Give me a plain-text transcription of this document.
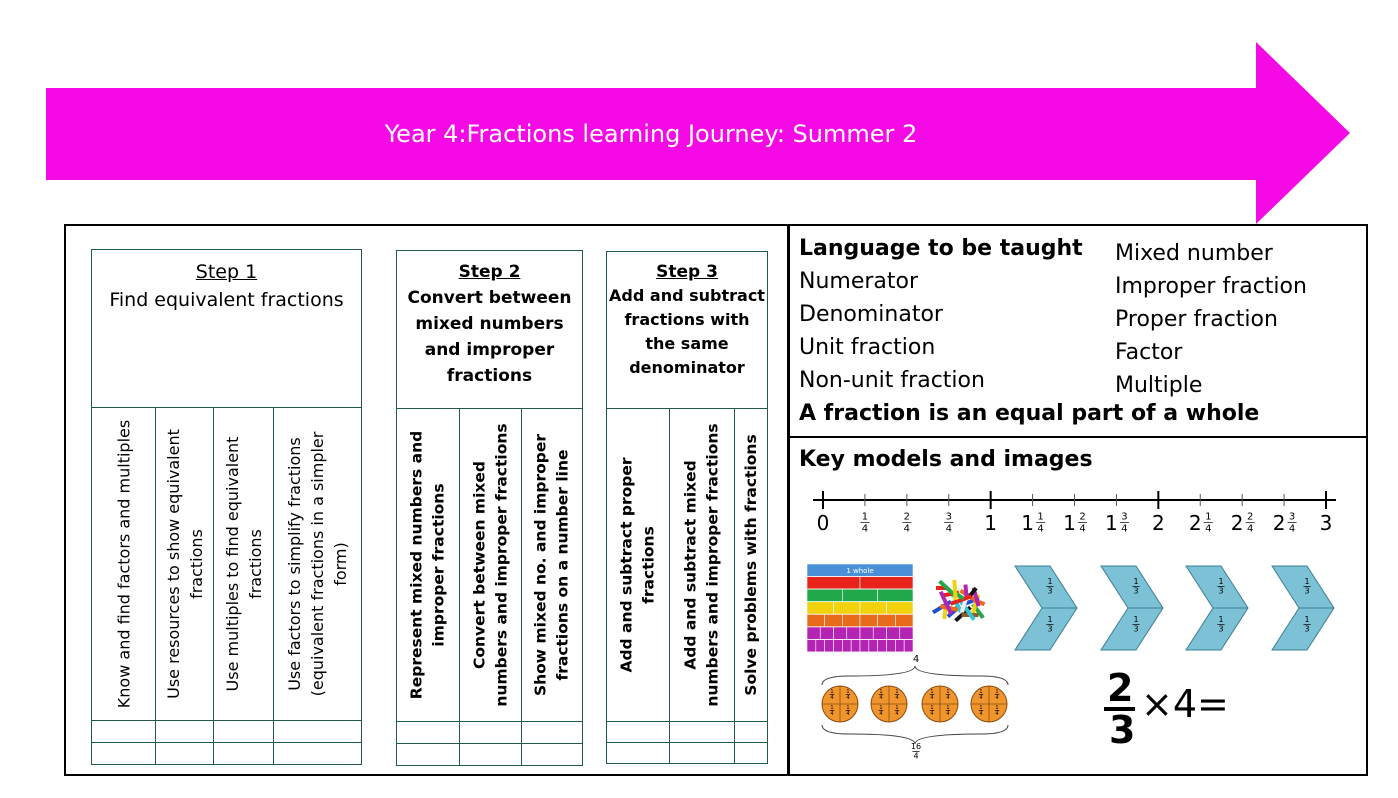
Year 4:Fractions learning Journey: Summer 2
Step 1
Find equivalent fractions
Know and find factors and multiples Use resources to show equivalent fractions Use multiples to find equivalent fractions Use factors to simplify fractions (equivalent fractions in a simpler form)
Step 2
Convert between mixed numbers and improper fractions
Represent mixed numbers and improper fractions Convert between mixed numbers and improper fractions Show mixed no. and improper fractions on a number line
Step 3
Add and subtract fractions with the same denominator
Add and subtract proper fractions Add and subtract mixed numbers and improper fractions Solve problems with fractions
Language to be taught
Numerator
Denominator
Unit fraction
Non-unit fraction
A fraction is an equal part of a whole
Mixed number
Improper fraction
Proper fraction
Factor
Multiple
Key models and images
0	1
4
2
4
3
4 1 1 1
4 1 2
4 1 3
4 2 2 1
4 2 2
4 2 3
4 3
1 whole
1
3
1
3
1
3
1
3
1
3
1
3
1
3
1
3
4
1
4
1
4
1
4
1
4
1
4
1
4
1
4
1
4
1
4
1
4
1
4
1
4
1
4
1
4
1
4
1
4
16
4
2
3
×4=
